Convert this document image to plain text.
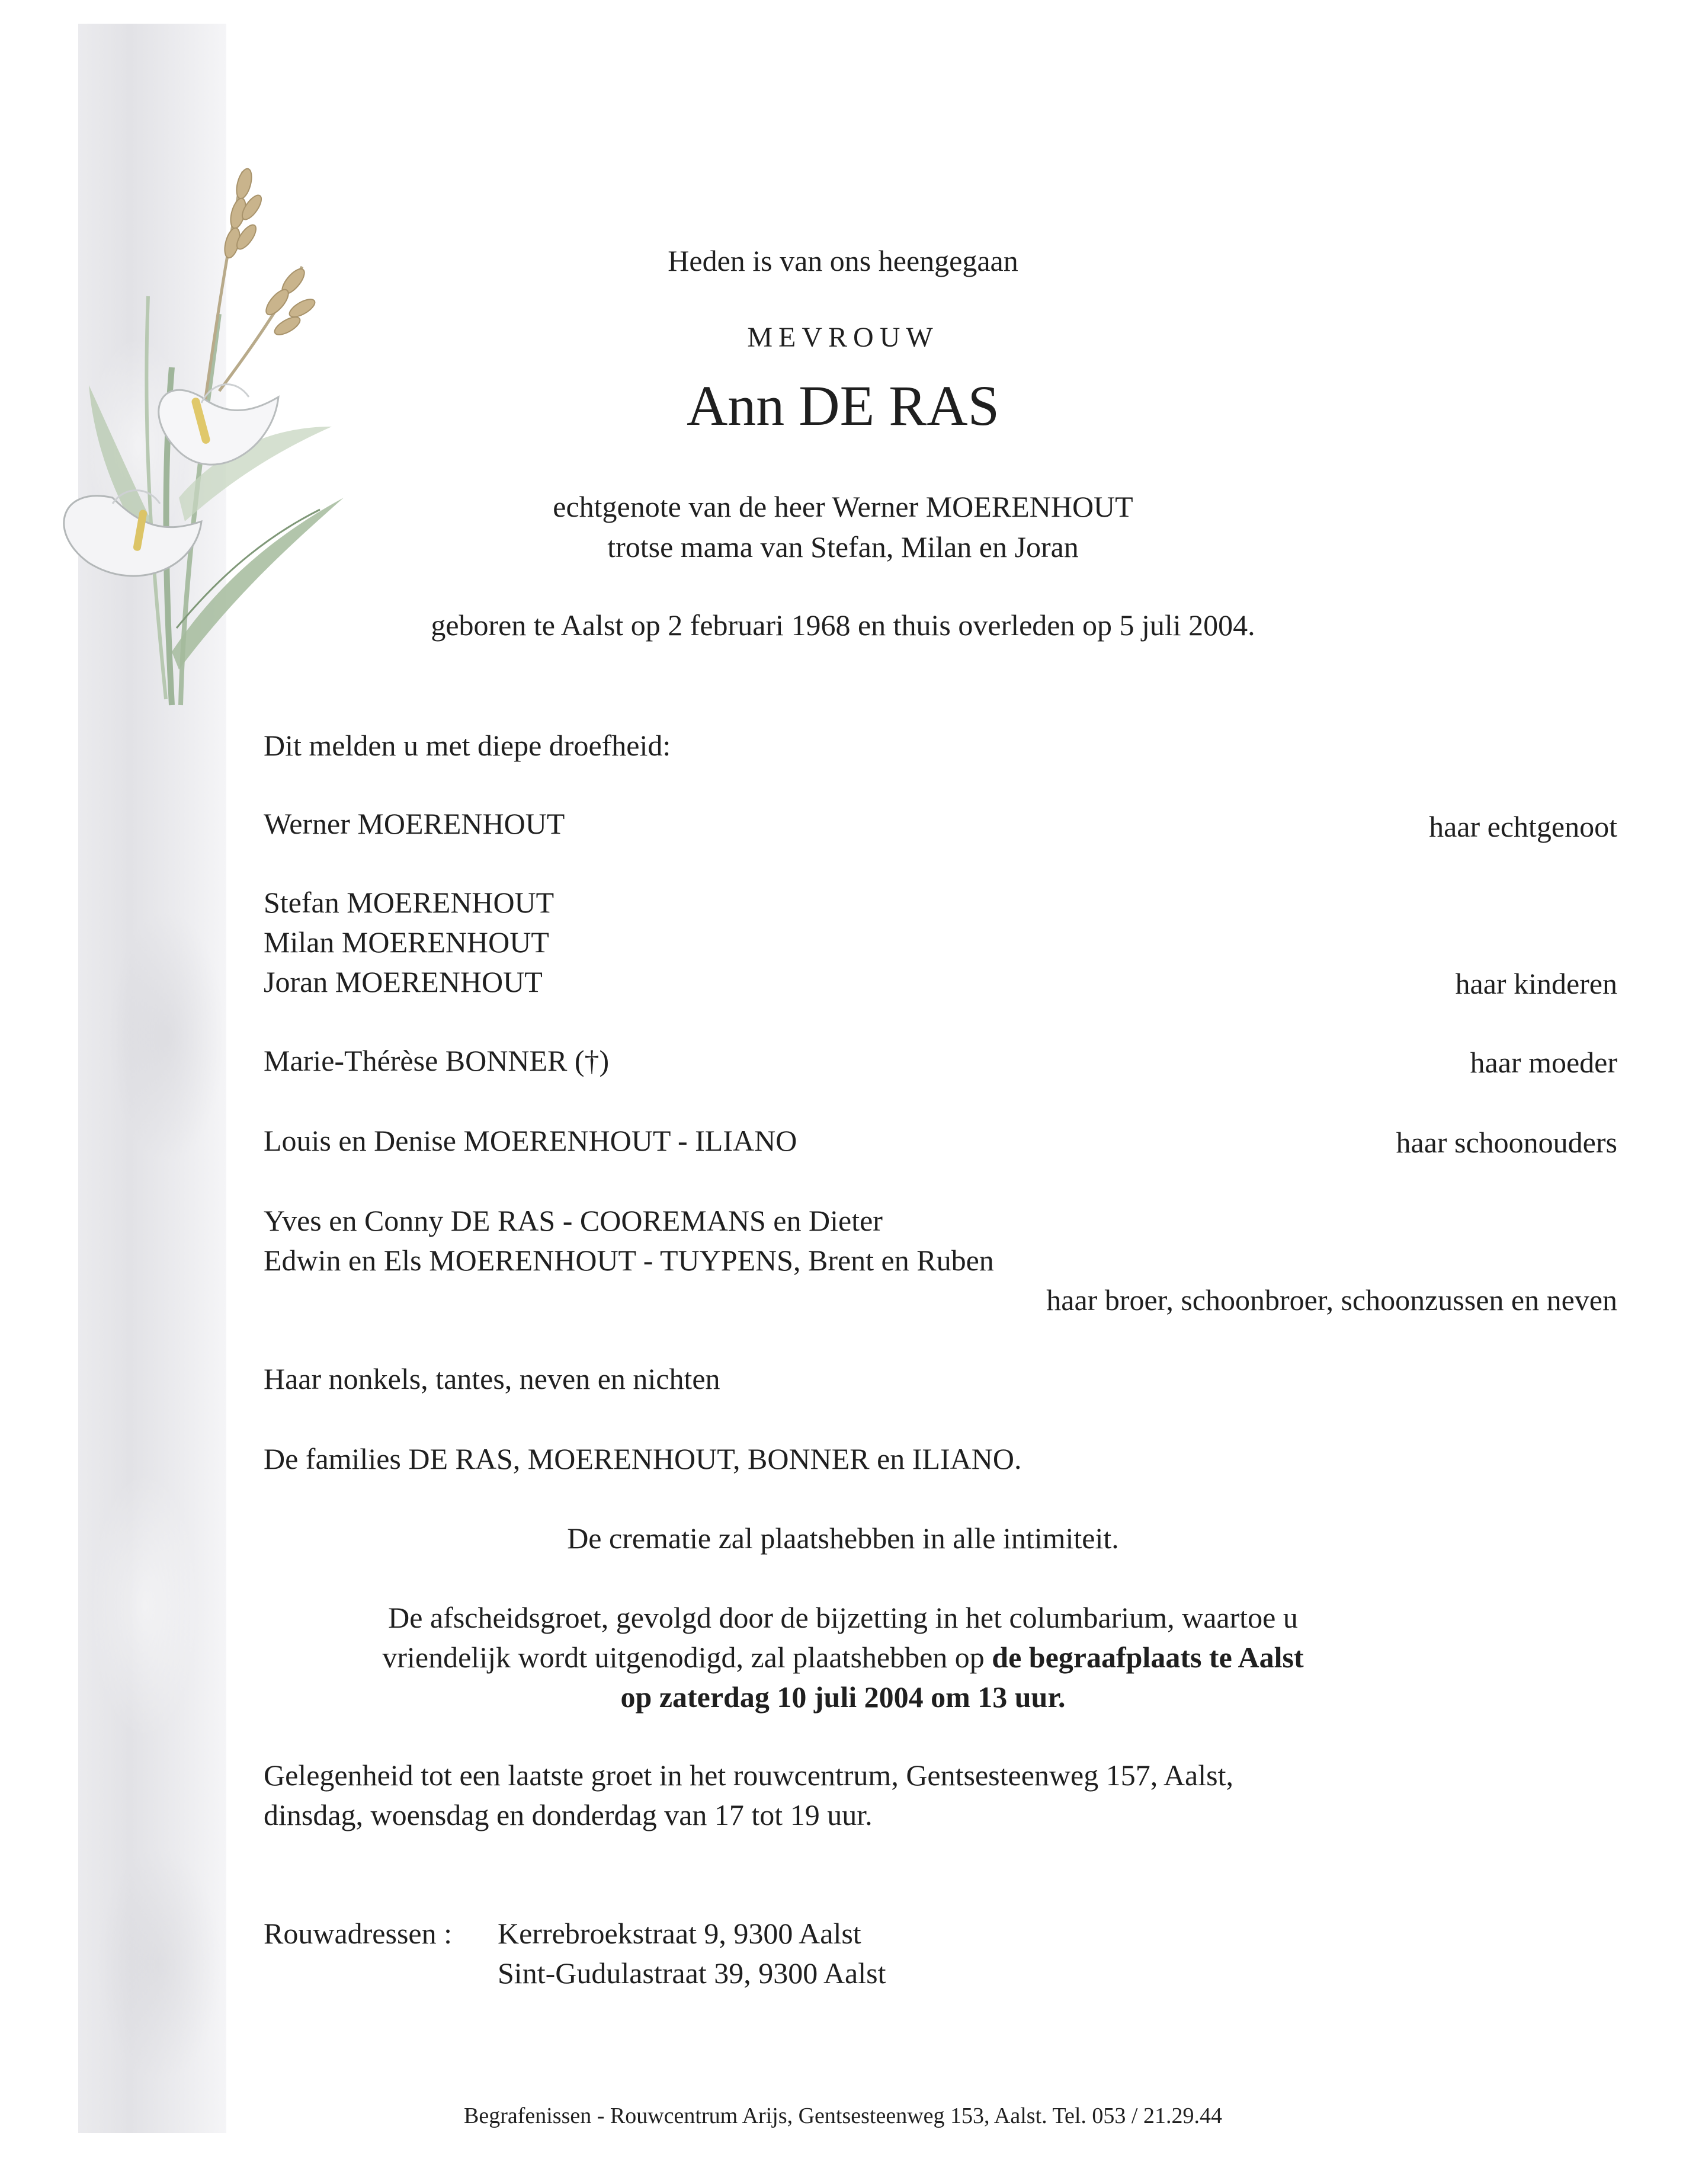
Heden is van ons heengegaan
MEVROUW
Ann DE RAS
echtgenote van de heer Werner MOERENHOUT
trotse mama van Stefan, Milan en Joran
geboren te Aalst op 2 februari 1968 en thuis overleden op 5 juli 2004.
Dit melden u met diepe droefheid:
Werner MOERENHOUT	haar echtgenoot
Stefan MOERENHOUT
Milan MOERENHOUT
Joran MOERENHOUT	haar kinderen
Marie-Thérèse BONNER (†)	haar moeder
Louis en Denise MOERENHOUT - ILIANO	haar schoonouders
Yves en Conny DE RAS - COOREMANS en Dieter
Edwin en Els MOERENHOUT - TUYPENS, Brent en Ruben
haar broer, schoonbroer, schoonzussen en neven
Haar nonkels, tantes, neven en nichten
De families DE RAS, MOERENHOUT, BONNER en ILIANO.
De crematie zal plaatshebben in alle intimiteit.
De afscheidsgroet, gevolgd door de bijzetting in het columbarium, waartoe u
vriendelijk wordt uitgenodigd, zal plaatshebben op de begraafplaats te Aalst
op zaterdag 10 juli 2004 om 13 uur.
Gelegenheid tot een laatste groet in het rouwcentrum, Gentsesteenweg 157, Aalst,
dinsdag, woensdag en donderdag van 17 tot 19 uur.
Rouwadressen : Kerrebroekstraat 9, 9300 Aalst
Sint-Gudulastraat 39, 9300 Aalst
Begrafenissen - Rouwcentrum Arijs, Gentsesteenweg 153, Aalst. Tel. 053 / 21.29.44
